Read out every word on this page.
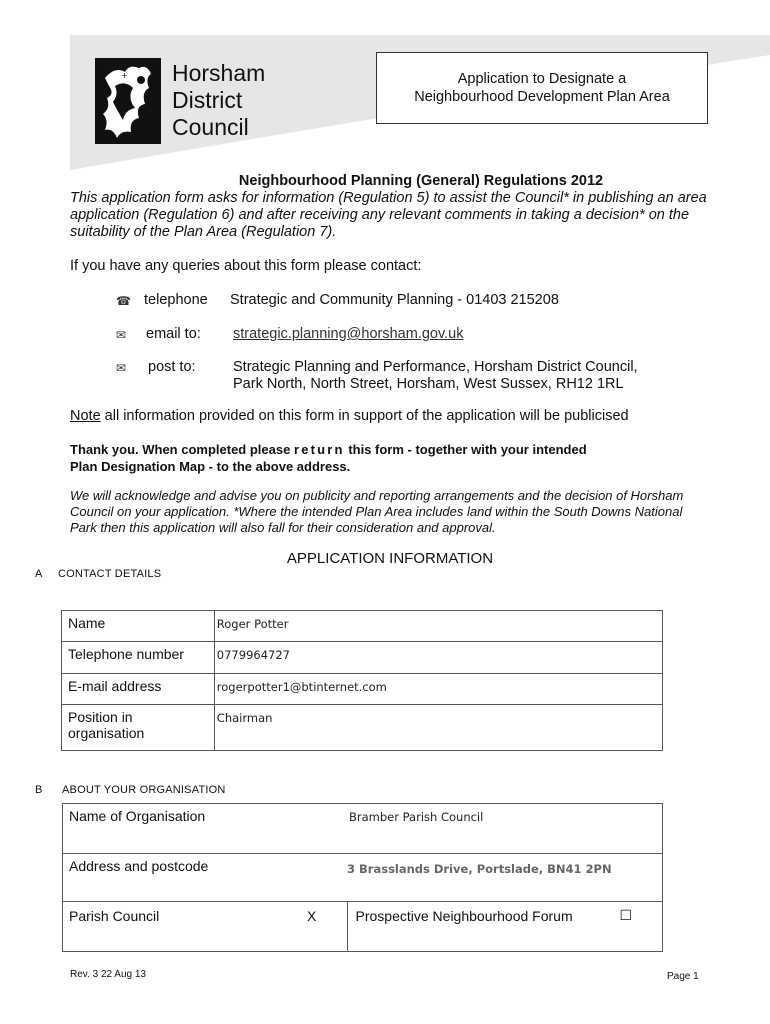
+ Horsham
District
Council
Application to Designate a
Neighbourhood Development Plan Area
Neighbourhood Planning (General) Regulations 2012
This application form asks for information (Regulation 5) to assist the Council* in publishing an area application (Regulation 6) and after receiving any relevant comments in taking a decision* on the suitability of the Plan Area (Regulation 7).
If you have any queries about this form please contact:
☎ telephone Strategic and Community Planning - 01403 215208
✉ email to: strategic.planning@horsham.gov.uk
✉ post to:	Strategic Planning and Performance, Horsham District Council,
Park North, North Street, Horsham, West Sussex, RH12 1RL
Note all information provided on this form in support of the application will be publicised
Thank you. When completed please return this form - together with your intended
Plan Designation Map - to the above address.
We will acknowledge and advise you on publicity and reporting arrangements and the decision of Horsham Council on your application. *Where the intended Plan Area includes land within the South Downs National Park then this application will also fall for their consideration and approval.
APPLICATION INFORMATION
A CONTACT DETAILS
Name	Roger Potter
Telephone number	0779964727
E-mail address	rogerpotter1@btinternet.com
Position in
organisation	Chairman
B ABOUT YOUR ORGANISATION
Name of Organisation	Bramber Parish Council
Address and postcode	3 Brasslands Drive, Portslade, BN41 2PN
Parish Council X	Prospective Neighbourhood Forum ☐
Rev. 3 22 Aug 13	Page 1
